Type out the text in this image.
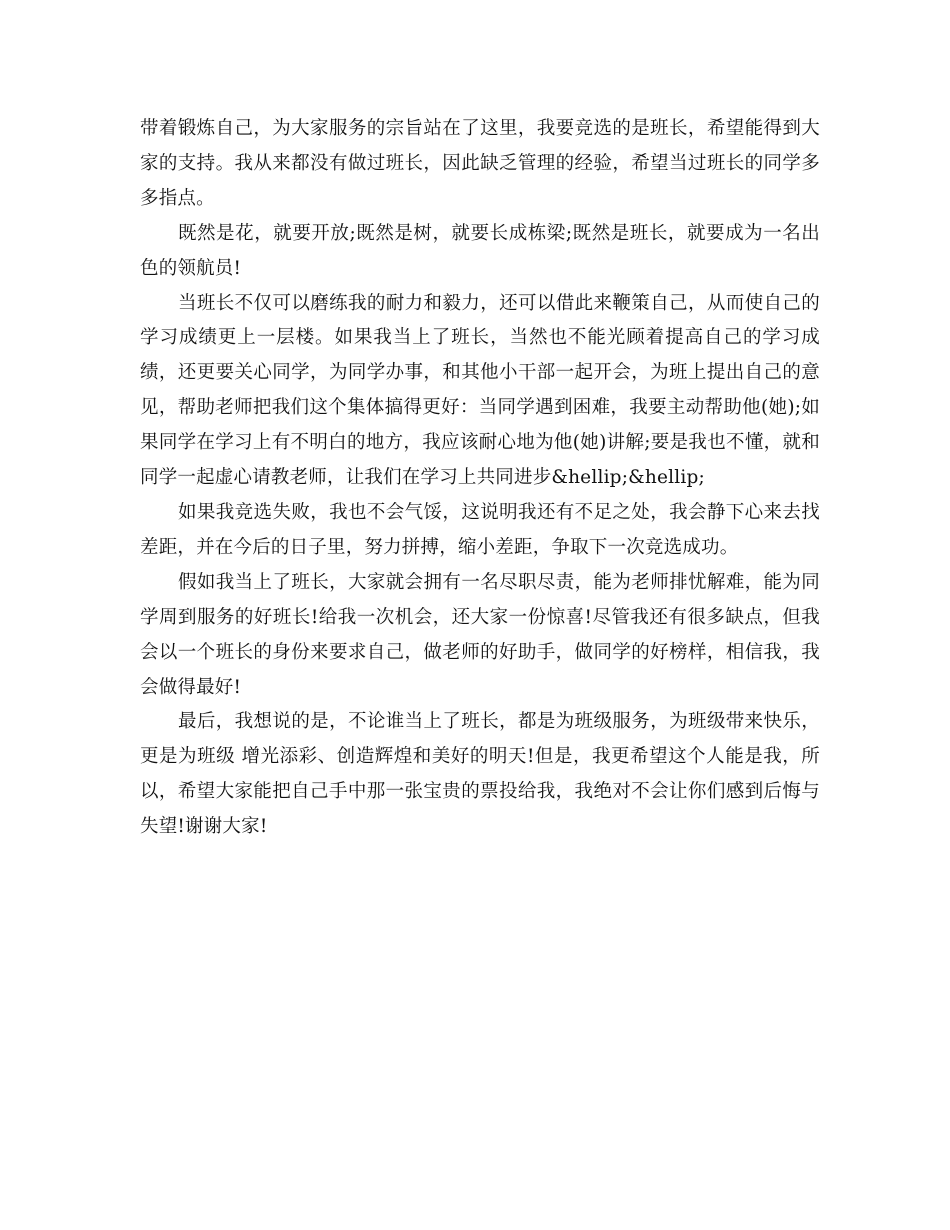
带着锻炼自己，为大家服务的宗旨站在了这里，我要竞选的是班长，希望能得到大家的支持。我从来都没有做过班长，因此缺乏管理的经验，希望当过班长的同学多多指点。

既然是花，就要开放;既然是树，就要长成栋梁;既然是班长，就要成为一名出色的领航员!

当班长不仅可以磨练我的耐力和毅力，还可以借此来鞭策自己，从而使自己的学习成绩更上一层楼。如果我当上了班长，当然也不能光顾着提高自己的学习成绩，还更要关心同学，为同学办事，和其他小干部一起开会，为班上提出自己的意见，帮助老师把我们这个集体搞得更好：当同学遇到困难，我要主动帮助他(她);如果同学在学习上有不明白的地方，我应该耐心地为他(她)讲解;要是我也不懂，就和同学一起虚心请教老师，让我们在学习上共同进步&hellip;&hellip;

如果我竞选失败，我也不会气馁，这说明我还有不足之处，我会静下心来去找差距，并在今后的日子里，努力拼搏，缩小差距，争取下一次竞选成功。

假如我当上了班长，大家就会拥有一名尽职尽责，能为老师排忧解难，能为同学周到服务的好班长!给我一次机会，还大家一份惊喜!尽管我还有很多缺点，但我会以一个班长的身份来要求自己，做老师的好助手，做同学的好榜样，相信我，我会做得最好!

最后，我想说的是，不论谁当上了班长，都是为班级服务，为班级带来快乐，更是为班级 增光添彩、创造辉煌和美好的明天!但是，我更希望这个人能是我，所以，希望大家能把自己手中那一张宝贵的票投给我，我绝对不会让你们感到后悔与失望!谢谢大家!
